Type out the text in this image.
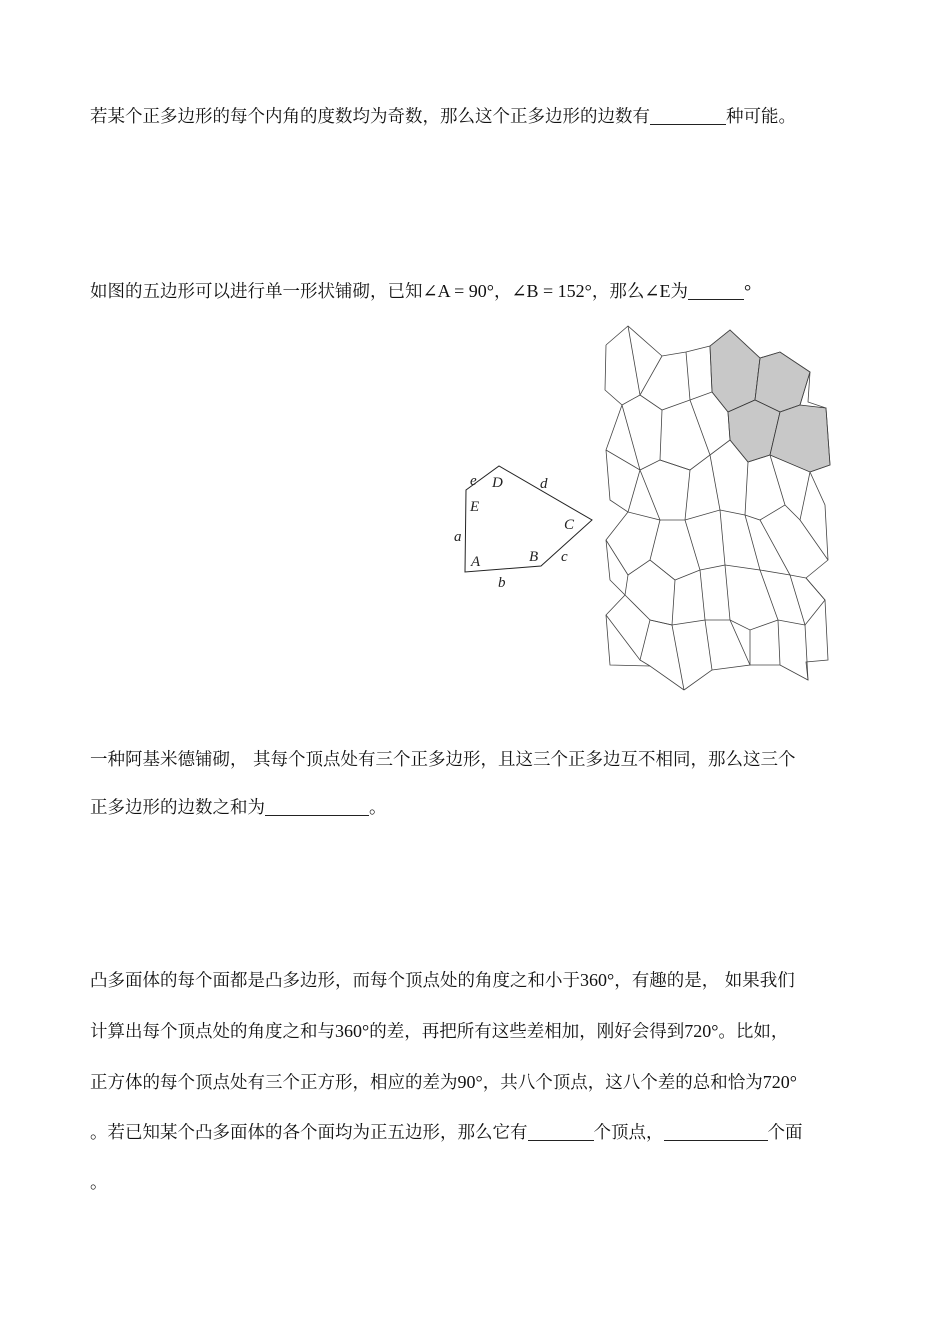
若某个正多边形的每个内角的度数均为奇数，那么这个正多边形的边数有	种可能。
如图的五边形可以进行单一形状铺砌，已知∠A = 90°，∠B = 152°，那么∠E为	°
A	B
C
D
E
a
b
c
d
e
一种阿基米德铺砌， 其每个顶点处有三个正多边形，且这三个正多边互不相同，那么这三个
正多边形的边数之和为	。
凸多面体的每个面都是凸多边形，而每个顶点处的角度之和小于360°，有趣的是， 如果我们
计算出每个顶点处的角度之和与360°的差，再把所有这些差相加，刚好会得到720°。比如，
正方体的每个顶点处有三个正方形，相应的差为90°，共八个顶点，这八个差的总和恰为720°
。若已知某个凸多面体的各个面均为正五边形，那么它有	个顶点，	个面
。
